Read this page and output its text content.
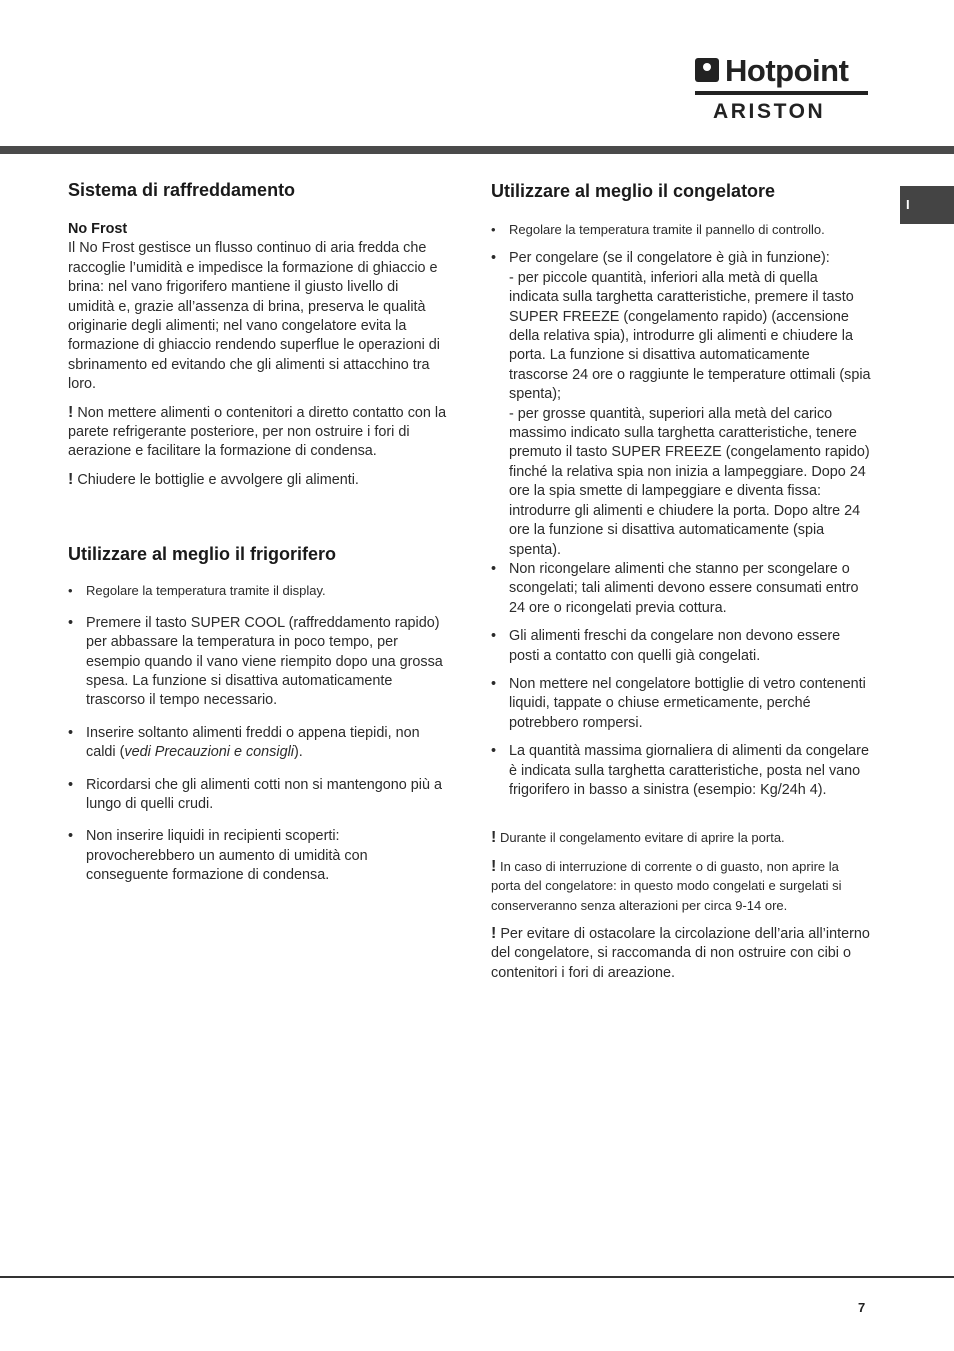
Hotpoint
ARISTON
I
Sistema di raffreddamento

No Frost

Il No Frost gestisce un flusso continuo di aria fredda che raccoglie l’umidità e impedisce la formazione di ghiaccio e brina: nel vano frigorifero mantiene il giusto livello di umidità e, grazie all’assenza di brina, preserva le qualità originarie degli alimenti; nel vano congelatore evita la formazione di ghiaccio rendendo superflue le operazioni di sbrinamento ed evitando che gli alimenti si attacchino tra loro.

! Non mettere alimenti o contenitori a diretto contatto con la parete refrigerante posteriore, per non ostruire i fori di aerazione e facilitare la formazione di condensa.

! Chiudere le bottiglie e avvolgere gli alimenti.

Utilizzare al meglio il frigorifero
• Regolare la temperatura tramite il display.
• Premere il tasto SUPER COOL (raffreddamento rapido) per abbassare la temperatura in poco tempo, per esempio quando il vano viene riempito dopo una grossa spesa. La funzione si disattiva automaticamente trascorso il tempo necessario.
• Inserire soltanto alimenti freddi o appena tiepidi, non caldi (vedi Precauzioni e consigli).
• Ricordarsi che gli alimenti cotti non si mantengono più a lungo di quelli crudi.
• Non inserire liquidi in recipienti scoperti: provocherebbero un aumento di umidità con conseguente formazione di condensa.
Utilizzare al meglio il congelatore
• Regolare la temperatura tramite il pannello di controllo.
• Per congelare (se il congelatore è già in funzione):
- per piccole quantità, inferiori alla metà di quella indicata sulla targhetta caratteristiche, premere il tasto SUPER FREEZE (congelamento rapido) (accensione della relativa spia), introdurre gli alimenti e chiudere la porta. La funzione si disattiva automaticamente trascorse 24 ore o raggiunte le temperature ottimali (spia spenta);
- per grosse quantità, superiori alla metà del carico massimo indicato sulla targhetta caratteristiche, tenere premuto il tasto SUPER FREEZE (congelamento rapido) finché la relativa spia non inizia a lampeggiare. Dopo 24 ore la spia smette di lampeggiare e diventa fissa: introdurre gli alimenti e chiudere la porta. Dopo altre 24 ore la funzione si disattiva automaticamente (spia spenta).
• Non ricongelare alimenti che stanno per scongelare o scongelati; tali alimenti devono essere consumati entro 24 ore o ricongelati previa cottura.
• Gli alimenti freschi da congelare non devono essere posti a contatto con quelli già congelati.
• Non mettere nel congelatore bottiglie di vetro contenenti liquidi, tappate o chiuse ermeticamente, perché potrebbero rompersi.
• La quantità massima giornaliera di alimenti da congelare è indicata sulla targhetta caratteristiche, posta nel vano frigorifero in basso a sinistra (esempio: Kg/24h 4).

! Durante il congelamento evitare di aprire la porta.

! In caso di interruzione di corrente o di guasto, non aprire la porta del congelatore: in questo modo congelati e surgelati si conserveranno senza alterazioni per circa 9-14 ore.

! Per evitare di ostacolare la circolazione dell’aria all’interno del congelatore, si raccomanda di non ostruire con cibi o contenitori i fori di areazione.

7
